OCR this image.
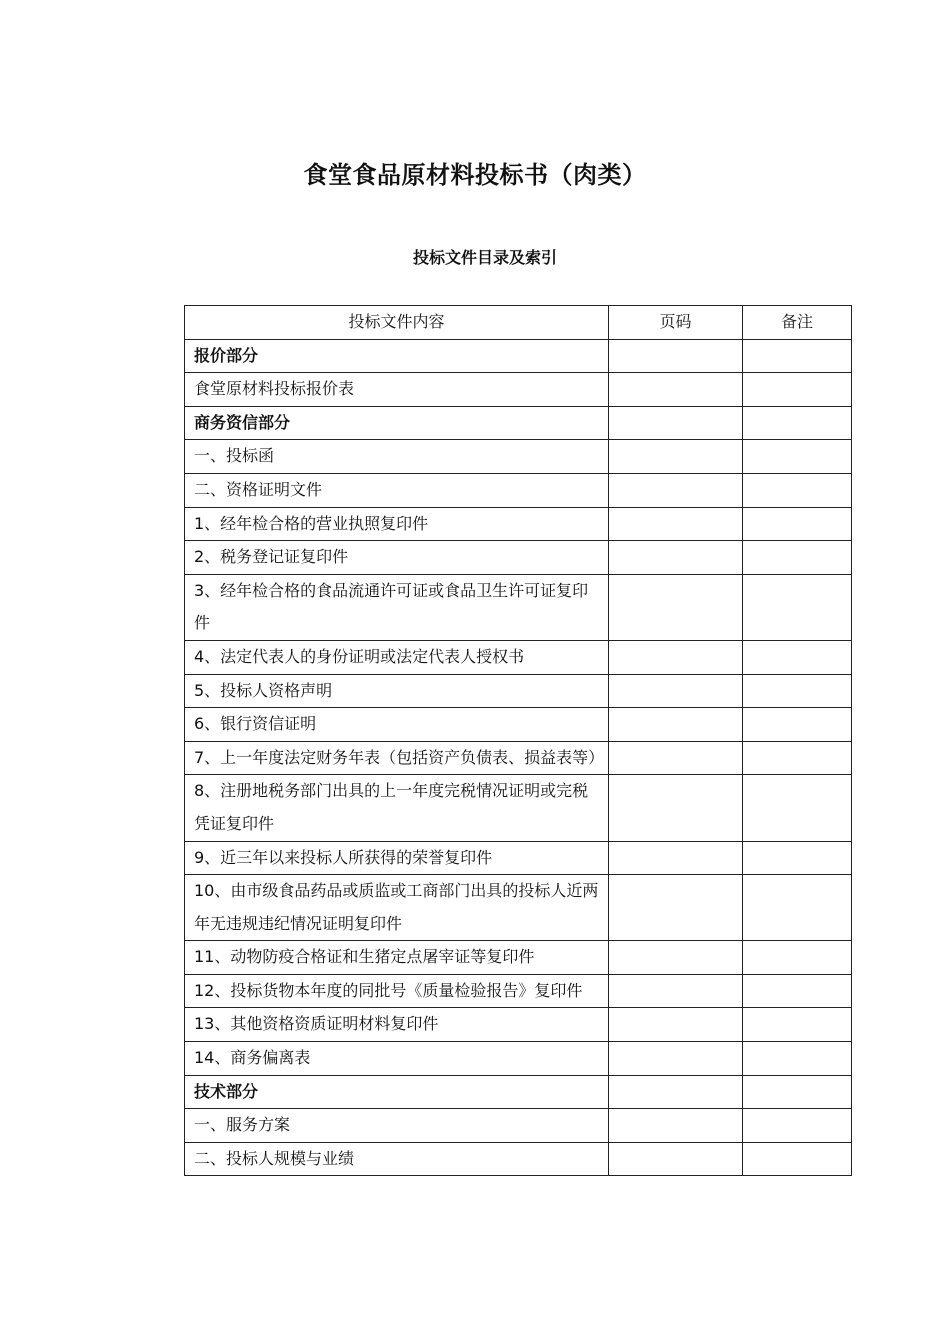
食堂食品原材料投标书（肉类）
投标文件目录及索引
投标文件内容	页码	备注
报价部分		
食堂原材料投标报价表		
商务资信部分		
一、投标函		
二、资格证明文件		
1、经年检合格的营业执照复印件		
2、税务登记证复印件		
3、经年检合格的食品流通许可证或食品卫生许可证复印件		
4、法定代表人的身份证明或法定代表人授权书		
5、投标人资格声明		
6、银行资信证明		
7、上一年度法定财务年表（包括资产负债表、损益表等）		
8、注册地税务部门出具的上一年度完税情况证明或完税凭证复印件		
9、近三年以来投标人所获得的荣誉复印件		
10、由市级食品药品或质监或工商部门出具的投标人近两年无违规违纪情况证明复印件		
11、动物防疫合格证和生猪定点屠宰证等复印件		
12、投标货物本年度的同批号《质量检验报告》复印件		
13、其他资格资质证明材料复印件		
14、商务偏离表		
技术部分		
一、服务方案		
二、投标人规模与业绩		
